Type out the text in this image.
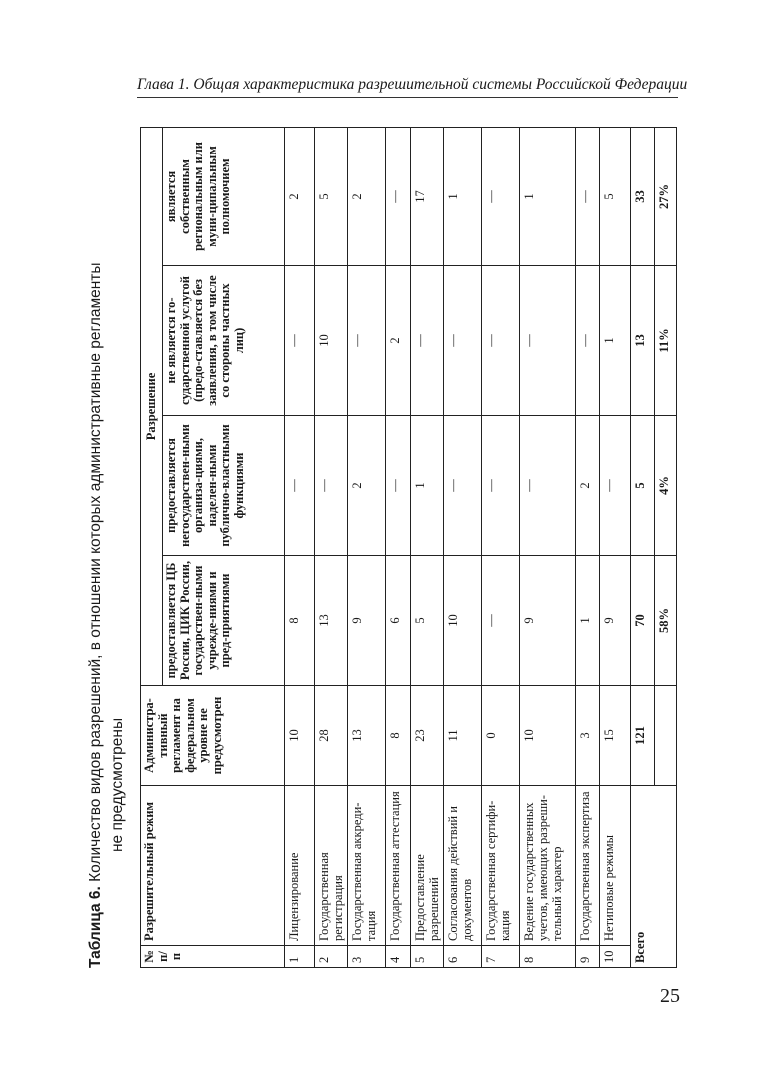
Глава 1. Общая характеристика разрешительной системы Российской Федерации
Таблица 6. Количество видов разрешений, в отношении которых административные регламенты не предусмотрены
№ п/п	Разрешительный режим	Администра-тивный регламент на федеральном уровне не предусмотрен	Разрешение			
			предоставляется ЦБ России, ЦИК России, государствен-ными учрежде-ниями и пред-приятиями	предоставляется негосударствен-ными организа-циями, наделен-ными публично-властными функциями	не является го-сударственной услугой (предо-ставляется без заявления, в том числе со стороны частных лиц)	является собственным региональным или муни-ципальным полномочием
1	Лицензирование	10	8	—	—	2
2	Государственная регистрация	28	13	—	10	5
3	Государственная аккреди-тация	13	9	2	—	2
4	Государственная аттестация	8	6	—	2	—
5	Предоставление разрешений	23	5	1	—	17
6	Согласования действий и документов	11	10	—	—	1
7	Государственная сертифи-кация	0	—	—	—	—
8	Ведение государственных учетов, имеющих разреши-тельный характер	10	9	—	—	1
9	Государственная экспертиза	3	1	2	—	—
10	Нетиповые режимы	15	9	—	1	5
Всего		121	70	5	13	33
			58%	4%	11%	27%
25
